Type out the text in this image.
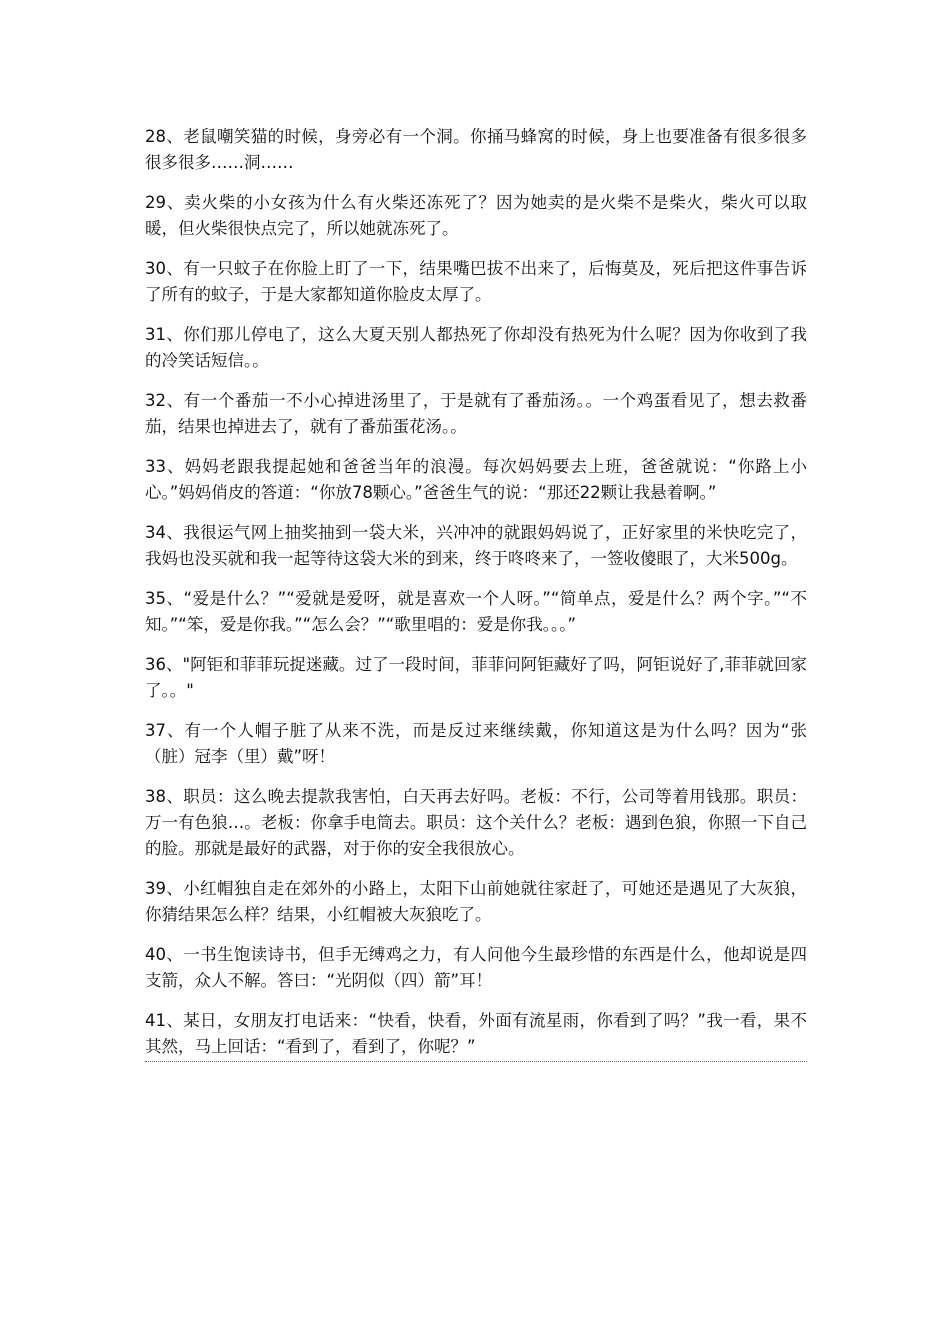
28、老鼠嘲笑猫的时候，身旁必有一个洞。你捅马蜂窝的时候，身上也要准备有很多很多很多很多……洞……

29、卖火柴的小女孩为什么有火柴还冻死了？因为她卖的是火柴不是柴火，柴火可以取暖，但火柴很快点完了，所以她就冻死了。

30、有一只蚊子在你脸上盯了一下，结果嘴巴拔不出来了，后悔莫及，死后把这件事告诉了所有的蚊子，于是大家都知道你脸皮太厚了。

31、你们那儿停电了，这么大夏天别人都热死了你却没有热死为什么呢？因为你收到了我的冷笑话短信。。

32、有一个番茄一不小心掉进汤里了，于是就有了番茄汤。。一个鸡蛋看见了，想去救番茄，结果也掉进去了，就有了番茄蛋花汤。。

33、妈妈老跟我提起她和爸爸当年的浪漫。每次妈妈要去上班，爸爸就说：“你路上小心。”妈妈俏皮的答道：“你放78颗心。”爸爸生气的说：“那还22颗让我悬着啊。”

34、我很运气网上抽奖抽到一袋大米，兴冲冲的就跟妈妈说了，正好家里的米快吃完了，我妈也没买就和我一起等待这袋大米的到来，终于咚咚来了，一签收傻眼了，大米500g。

35、“爱是什么？”“爱就是爱呀，就是喜欢一个人呀。”“简单点，爱是什么？两个字。”“不知。”“笨，爱是你我。”“怎么会？”“歌里唱的：爱是你我。。。”

36、"阿钜和菲菲玩捉迷藏。过了一段时间，菲菲问阿钜藏好了吗，阿钜说好了,菲菲就回家了。。"

37、有一个人帽子脏了从来不洗，而是反过来继续戴，你知道这是为什么吗？因为“张（脏）冠李（里）戴”呀！

38、职员：这么晚去提款我害怕，白天再去好吗。老板：不行，公司等着用钱那。职员：万一有色狼…。老板：你拿手电筒去。职员：这个关什么？老板：遇到色狼，你照一下自己的脸。那就是最好的武器，对于你的安全我很放心。

39、小红帽独自走在郊外的小路上，太阳下山前她就往家赶了，可她还是遇见了大灰狼，你猜结果怎么样？结果，小红帽被大灰狼吃了。

40、一书生饱读诗书，但手无缚鸡之力，有人问他今生最珍惜的东西是什么，他却说是四支箭，众人不解。答曰：“光阴似（四）箭”耳！

41、某日，女朋友打电话来：“快看，快看，外面有流星雨，你看到了吗？”我一看，果不其然，马上回话：“看到了，看到了，你呢？”
